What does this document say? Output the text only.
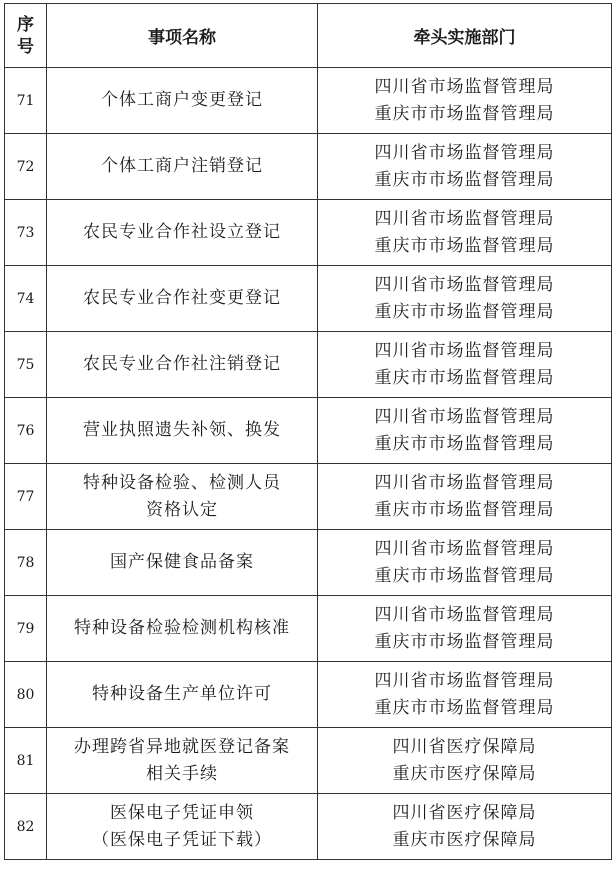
序
号	事项名称	牵头实施部门
71	个体工商户变更登记	四川省市场监督管理局
重庆市市场监督管理局

72	个体工商户注销登记	四川省市场监督管理局
重庆市市场监督管理局

73	农民专业合作社设立登记	四川省市场监督管理局
重庆市市场监督管理局

74	农民专业合作社变更登记	四川省市场监督管理局
重庆市市场监督管理局

75	农民专业合作社注销登记	四川省市场监督管理局
重庆市市场监督管理局

76	营业执照遗失补领、换发	四川省市场监督管理局
重庆市市场监督管理局

77	特种设备检验、检测人员
资格认定	四川省市场监督管理局
重庆市市场监督管理局

78	国产保健食品备案	四川省市场监督管理局
重庆市市场监督管理局

79	特种设备检验检测机构核准	四川省市场监督管理局
重庆市市场监督管理局

80	特种设备生产单位许可	四川省市场监督管理局
重庆市市场监督管理局

81	办理跨省异地就医登记备案
相关手续	四川省医疗保障局
重庆市医疗保障局

82	医保电子凭证申领
（医保电子凭证下载）	四川省医疗保障局
重庆市医疗保障局
